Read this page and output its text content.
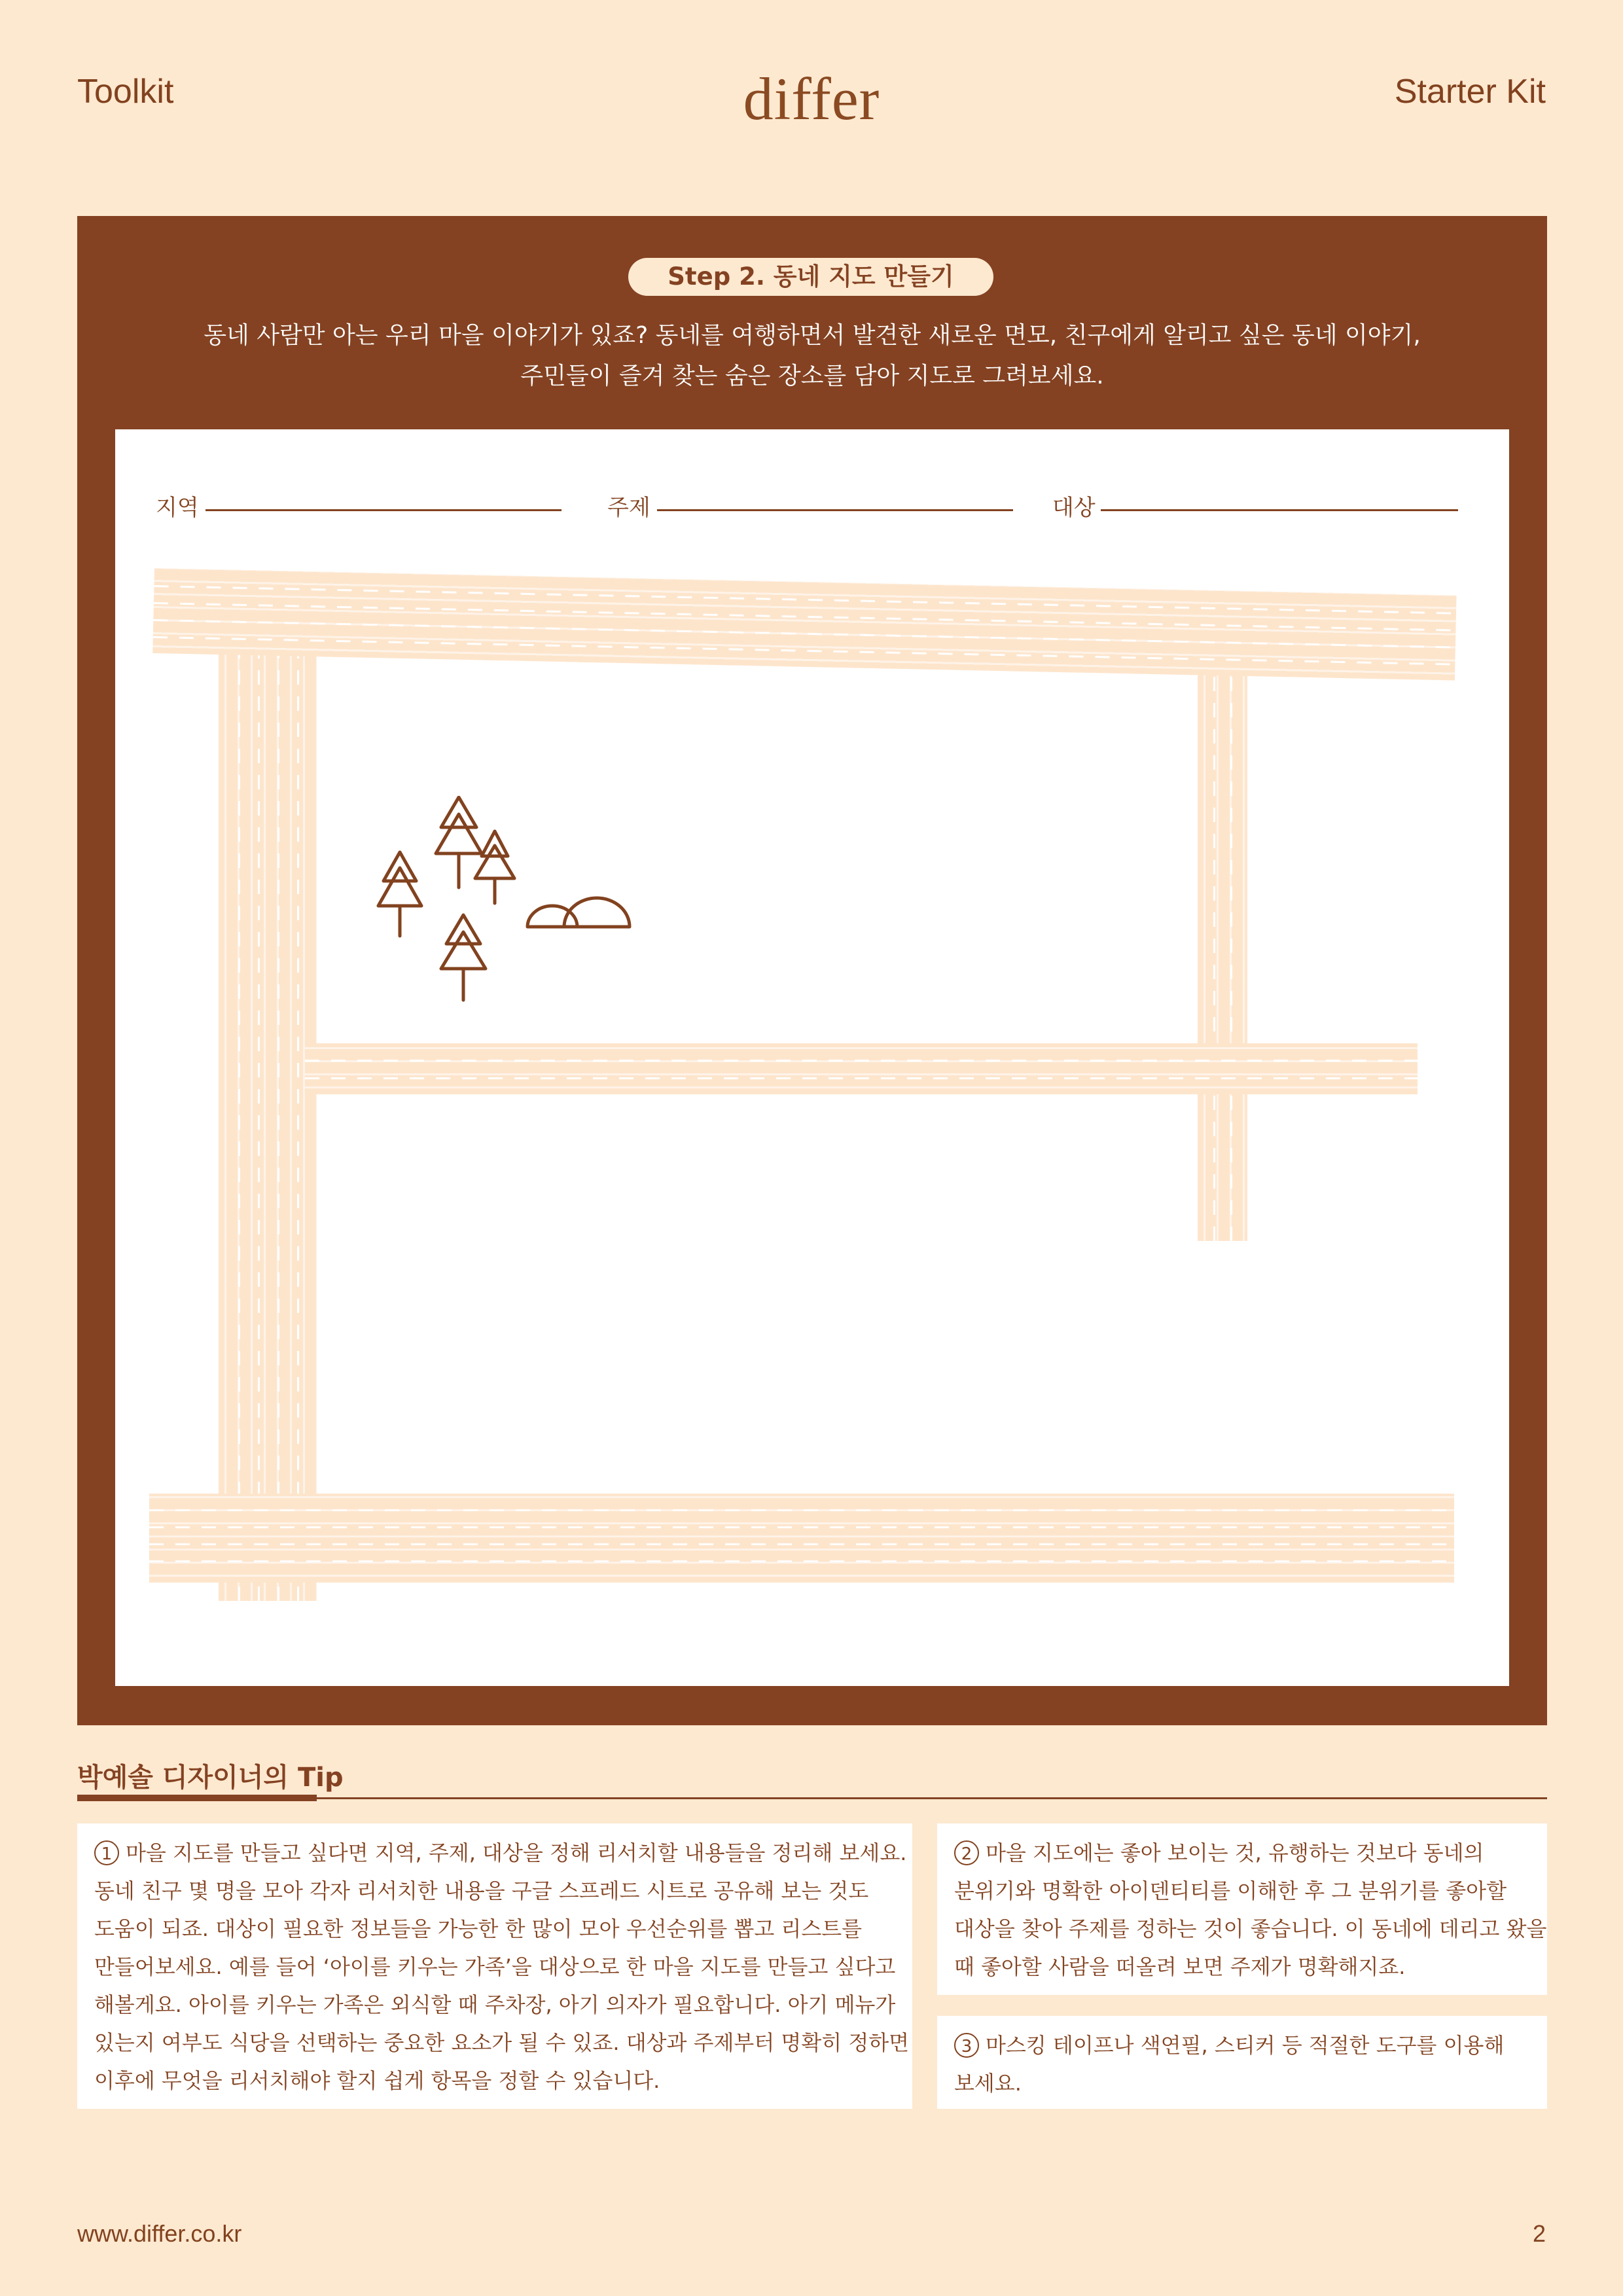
Toolkit	differ	Starter Kit
Step 2. 동네 지도 만들기
동네 사람만 아는 우리 마을 이야기가 있죠? 동네를 여행하면서 발견한 새로운 면모, 친구에게 알리고 싶은 동네 이야기,
주민들이 즐겨 찾는 숨은 장소를 담아 지도로 그려보세요.
지역	주제	대상
박예솔 디자이너의 Tip
1 마을 지도를 만들고 싶다면 지역, 주제, 대상을 정해 리서치할 내용들을 정리해 보세요.
동네 친구 몇 명을 모아 각자 리서치한 내용을 구글 스프레드 시트로 공유해 보는 것도
도움이 되죠. 대상이 필요한 정보들을 가능한 한 많이 모아 우선순위를 뽑고 리스트를
만들어보세요. 예를 들어 ‘아이를 키우는 가족’을 대상으로 한 마을 지도를 만들고 싶다고
해볼게요. 아이를 키우는 가족은 외식할 때 주차장, 아기 의자가 필요합니다. 아기 메뉴가
있는지 여부도 식당을 선택하는 중요한 요소가 될 수 있죠. 대상과 주제부터 명확히 정하면
이후에 무엇을 리서치해야 할지 쉽게 항목을 정할 수 있습니다.
2 마을 지도에는 좋아 보이는 것, 유행하는 것보다 동네의
분위기와 명확한 아이덴티티를 이해한 후 그 분위기를 좋아할
대상을 찾아 주제를 정하는 것이 좋습니다. 이 동네에 데리고 왔을
때 좋아할 사람을 떠올려 보면 주제가 명확해지죠.
3 마스킹 테이프나 색연필, 스티커 등 적절한 도구를 이용해
보세요.
www.differ.co.kr	2
